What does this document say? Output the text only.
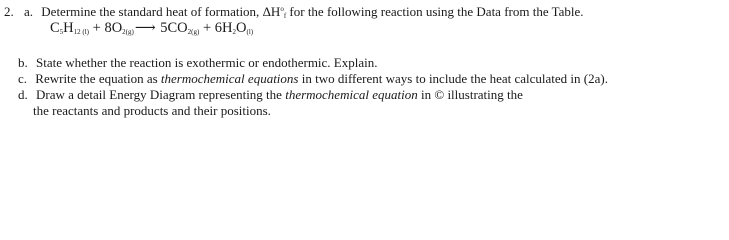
2. a. Determine the standard heat of formation, $\Delta H^o_f$ for the following reaction using the Data from the Table.
$C_5H_{12 (l)}$ + $8O_{2(g)}⟶$ $5CO_{2(g)} + 6H_2O_{(l)}$
b. State whether the reaction is exothermic or endothermic. Explain.
c. Rewrite the equation as thermochemical equations in two different ways to include the heat calculated in (2a).
d. Draw a detail Energy Diagram representing the thermochemical equation in © illustrating the
the reactants and products and their positions.
